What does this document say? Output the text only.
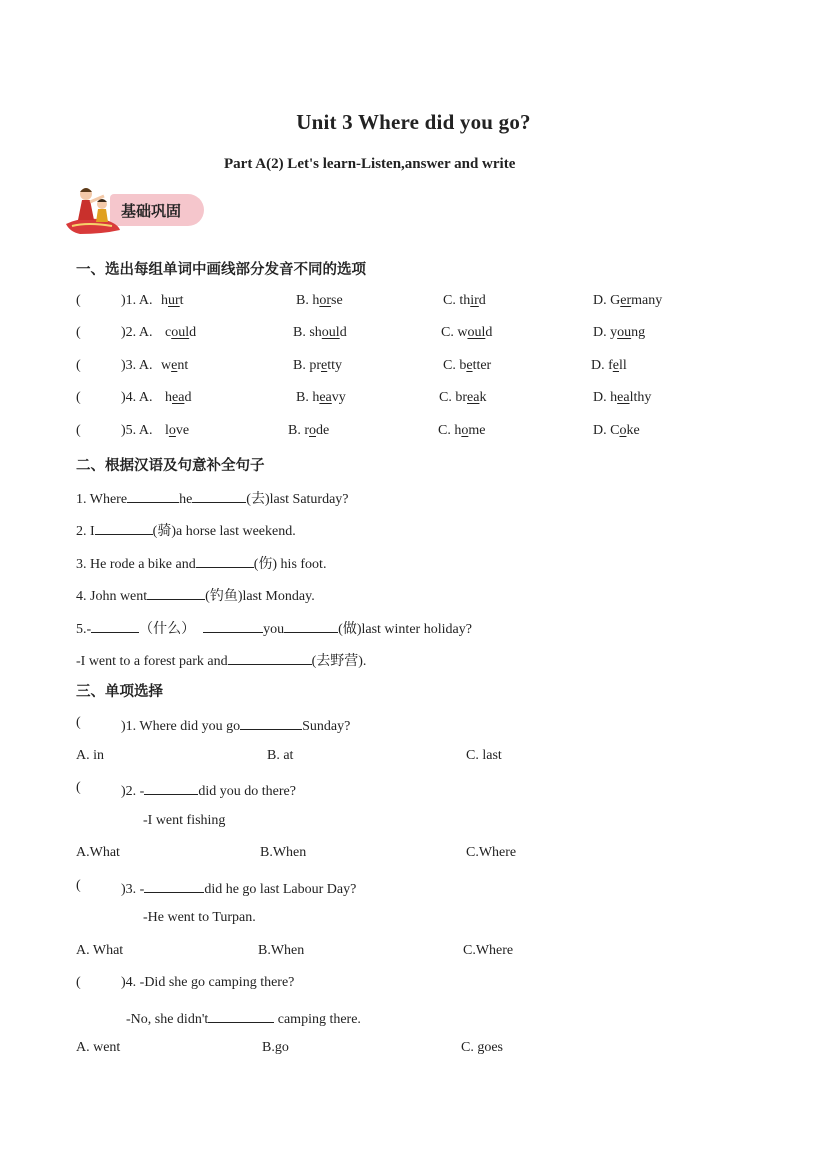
Unit 3 Where did you go?
Part A(2) Let's learn-Listen,answer and write
基础巩固
一、选出每组单词中画线部分发音不同的选项
(	)1. A. hurt	B. horse	C. third	D. Germany
(	)2. A. could	B. should	C. would	D. young
(	)3. A. went	B. pretty	C. better	D. fell
(	)4. A. head	B. heavy	C. break	D. healthy
(	)5. A. love	B. rode	C. home	D. Coke
二、根据汉语及句意补全句子
1. Where	he	(去)last Saturday?
2. I	(骑)a horse last weekend.
3. He rode a bike and	(伤) his foot.
4. John went	(钓鱼)last Monday.
5.-	（什么）	you	(做)last winter holiday?
-I went to a forest park and	(去野营).
三、单项选择
(	)1. Where did you go	Sunday?
A. in	B. at	C. last
(	)2. -	did you do there?
-I went fishing
A.What	B.When	C.Where
(	)3. -	did he go last Labour Day?
-He went to Turpan.
A. What	B.When	C.Where
(	)4. -Did she go camping there?
-No, she didn't	camping there.
A. went	B.go	C. goes
